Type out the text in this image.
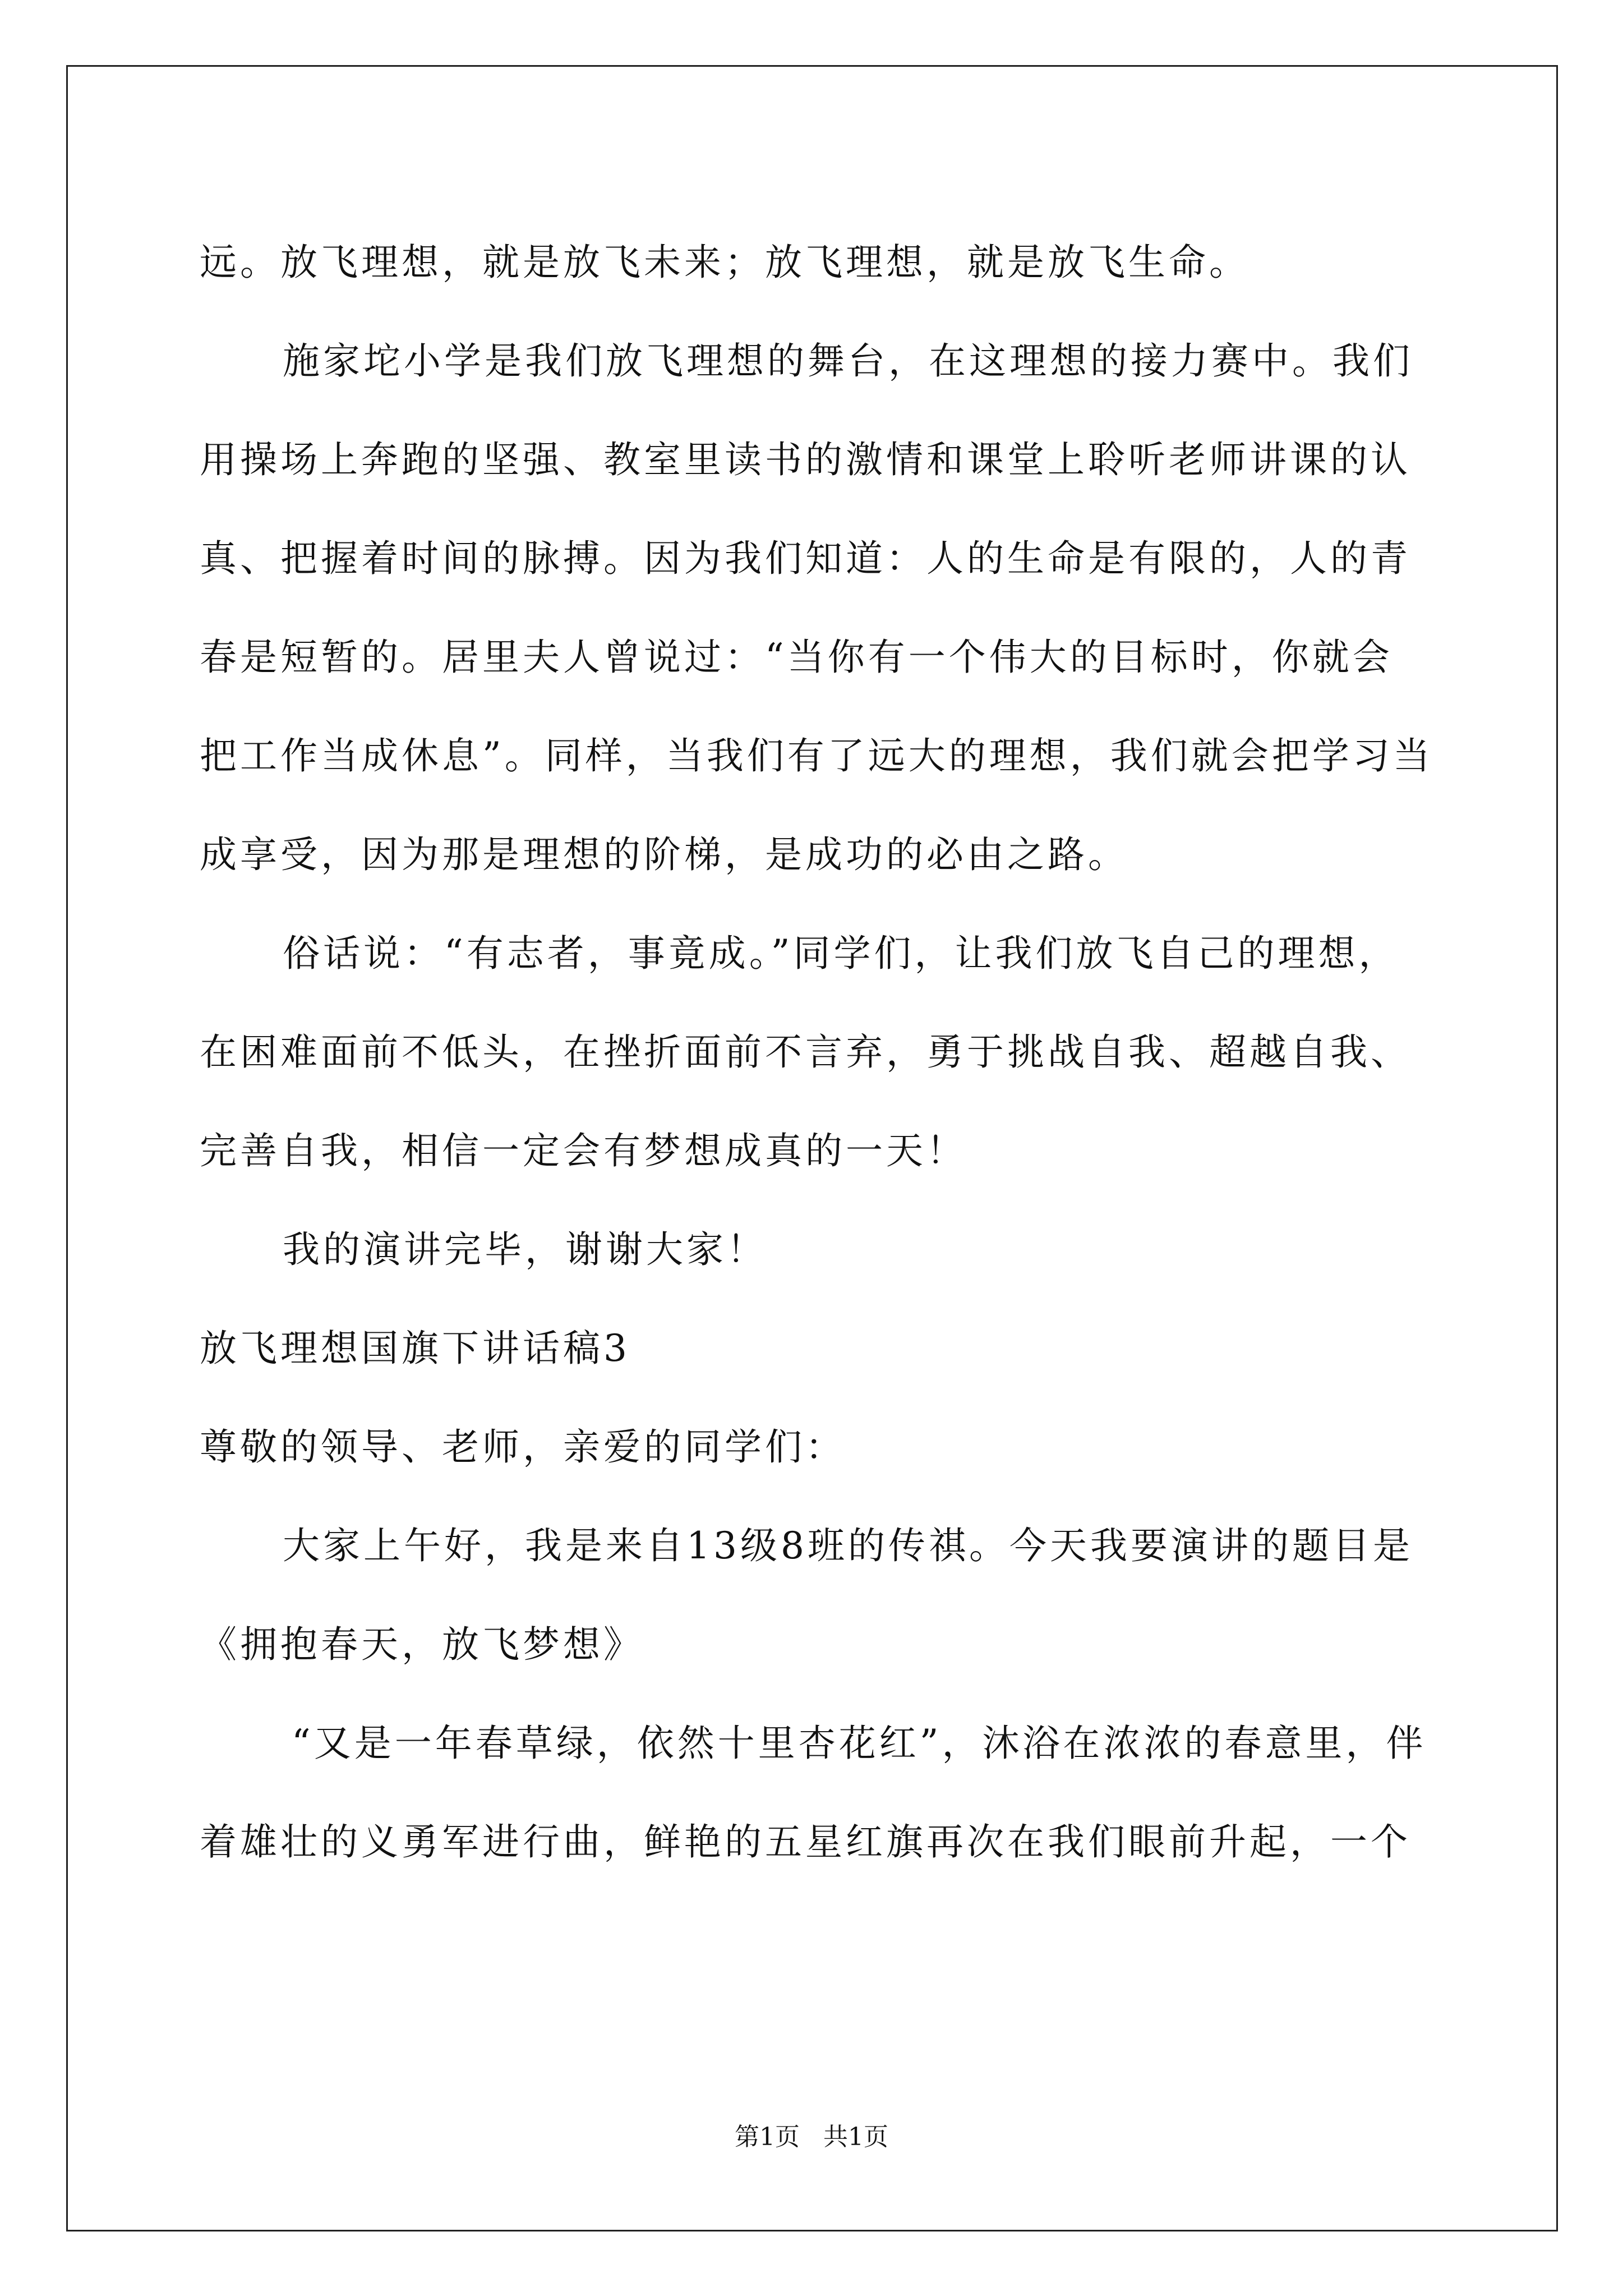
远。放飞理想，就是放飞未来；放飞理想，就是放飞生命。
施家坨小学是我们放飞理想的舞台，在这理想的接力赛中。我们
用操场上奔跑的坚强、教室里读书的激情和课堂上聆听老师讲课的认
真、把握着时间的脉搏。因为我们知道：人的生命是有限的，人的青
春是短暂的。居里夫人曾说过：“当你有一个伟大的目标时，你就会
把工作当成休息”。同样，当我们有了远大的理想，我们就会把学习当
成享受，因为那是理想的阶梯，是成功的必由之路。
俗话说：“有志者，事竟成。”同学们，让我们放飞自己的理想，
在困难面前不低头，在挫折面前不言弃，勇于挑战自我、超越自我、
完善自我，相信一定会有梦想成真的一天！
我的演讲完毕，谢谢大家！
放飞理想国旗下讲话稿3
尊敬的领导、老师，亲爱的同学们：
大家上午好，我是来自13级8班的传祺。今天我要演讲的题目是
《拥抱春天，放飞梦想》
“又是一年春草绿，依然十里杏花红”，沐浴在浓浓的春意里，伴
着雄壮的义勇军进行曲，鲜艳的五星红旗再次在我们眼前升起，一个
第1页   共1页
